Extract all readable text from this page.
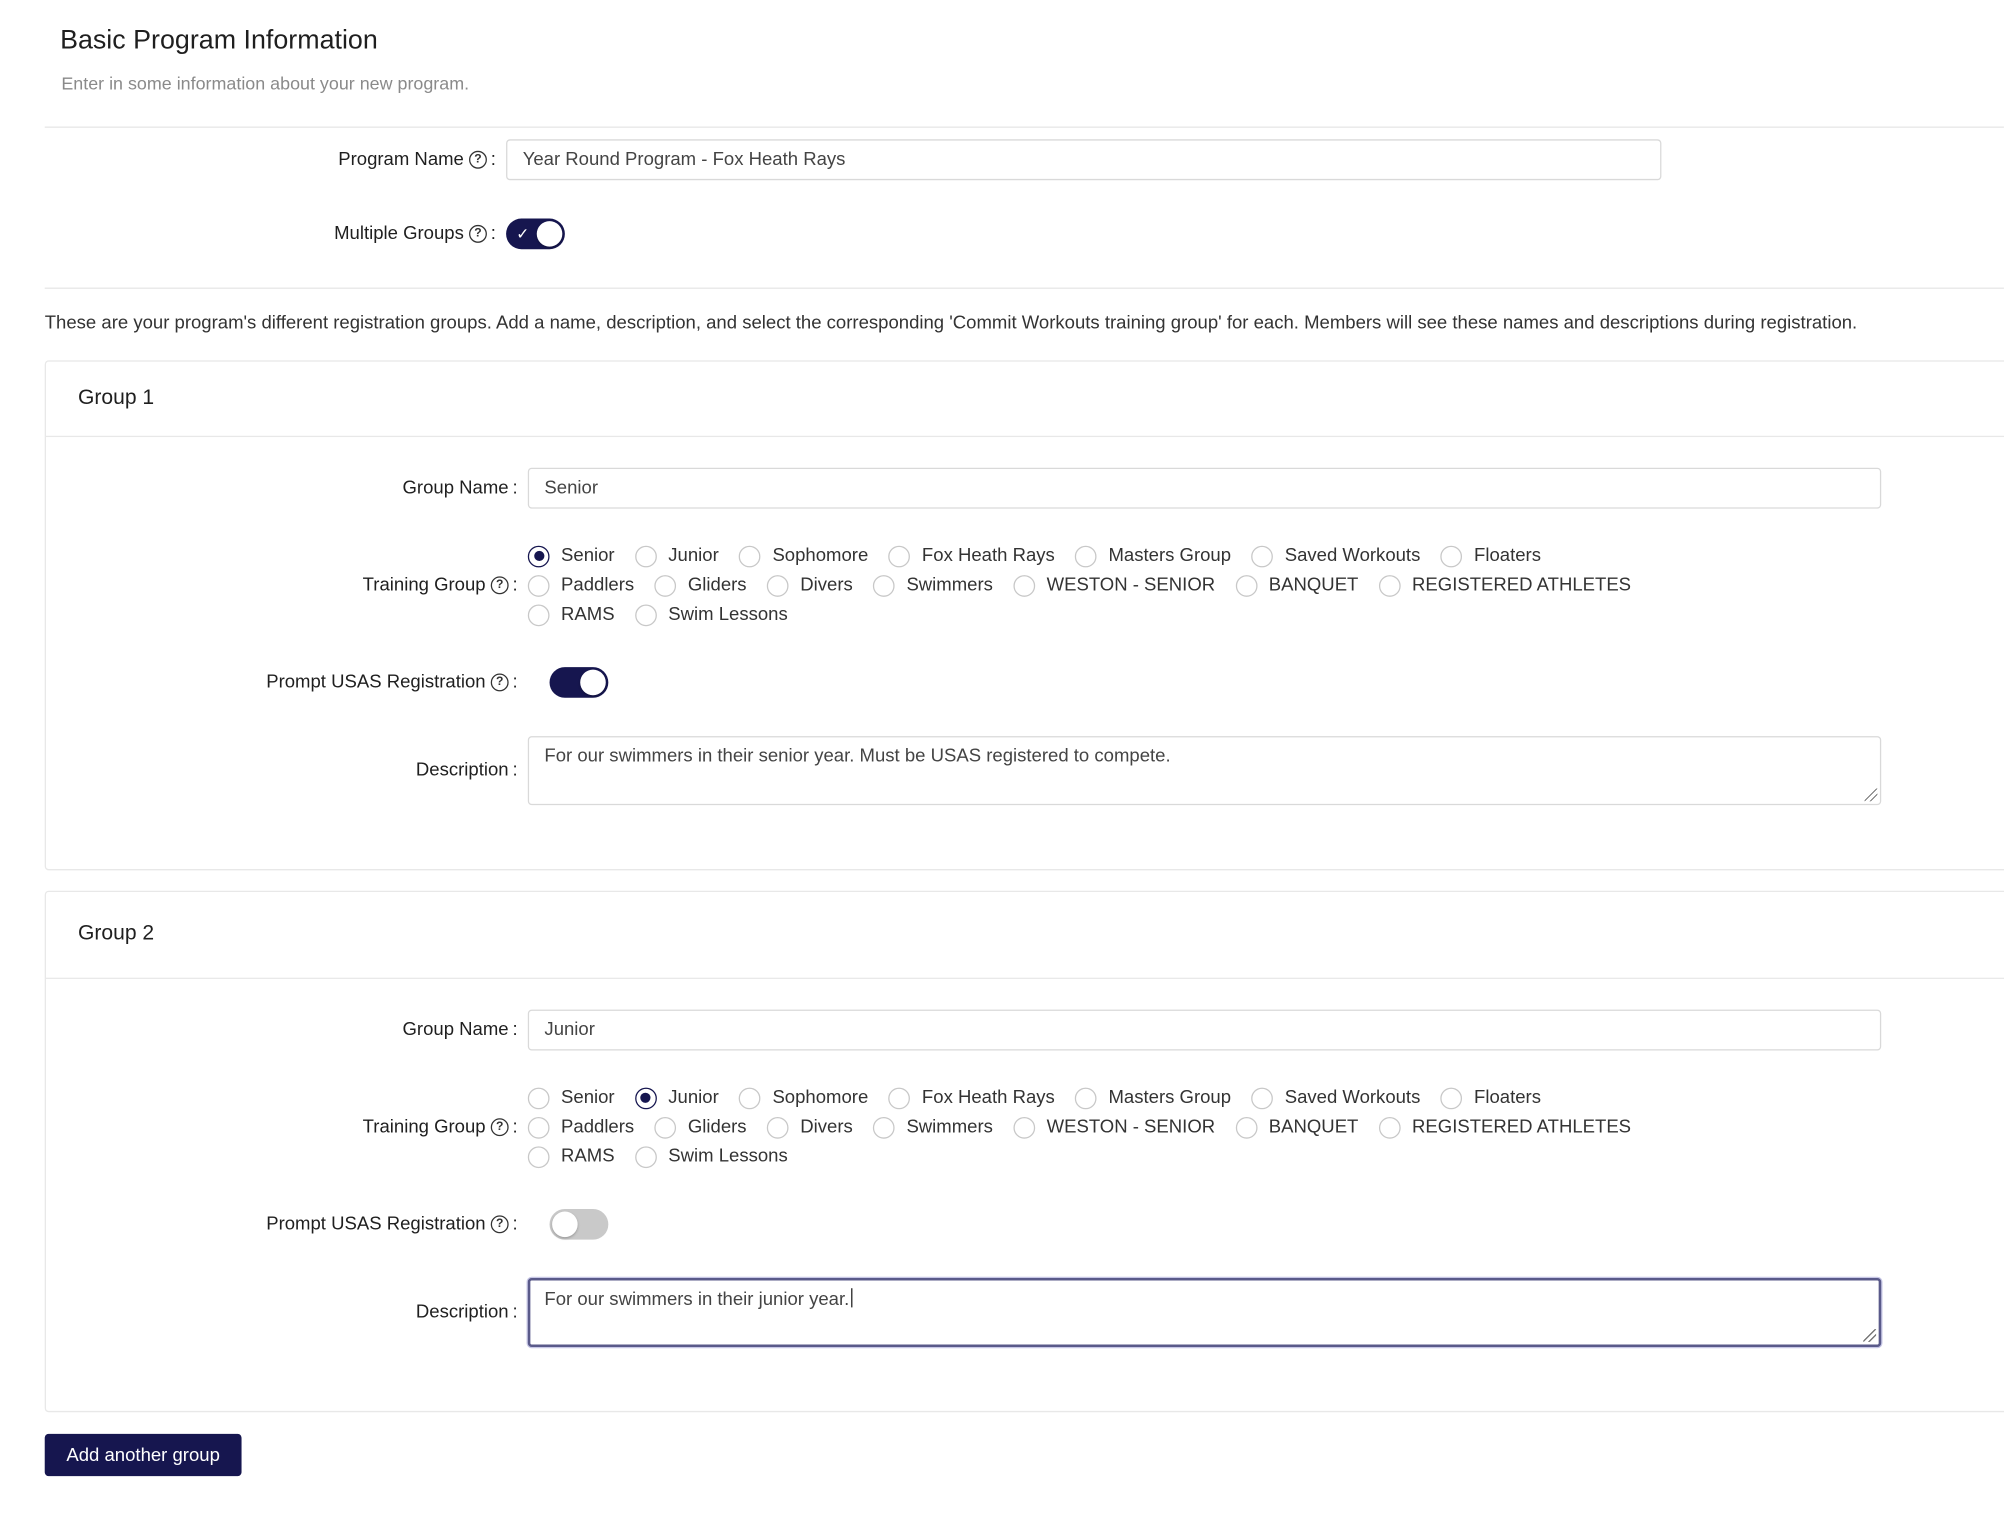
Basic Program Information
Enter in some information about your new program.
Program Name	? :	Year Round Program - Fox Heath Rays
Multiple Groups	? : ✓
These are your program's different registration groups. Add a name, description, and select the corresponding 'Commit Workouts training group' for each. Members will see these names and descriptions during registration.
Group 1
Group Name :	Senior
Training Group	? :
Senior	Junior	Sophomore	Fox Heath Rays	Masters Group	Saved Workouts	Floaters
Paddlers	Gliders	Divers	Swimmers	WESTON - SENIOR	BANQUET	REGISTERED ATHLETES
RAMS	Swim Lessons
Prompt USAS Registration	? :
Description :
For our swimmers in their senior year. Must be USAS registered to compete.
Group 2
Group Name :	Junior
Training Group	? :
Senior	Junior	Sophomore	Fox Heath Rays	Masters Group	Saved Workouts	Floaters
Paddlers	Gliders	Divers	Swimmers	WESTON - SENIOR	BANQUET	REGISTERED ATHLETES
RAMS	Swim Lessons
Prompt USAS Registration	? :
Description :
For our swimmers in their junior year.
Add another group
